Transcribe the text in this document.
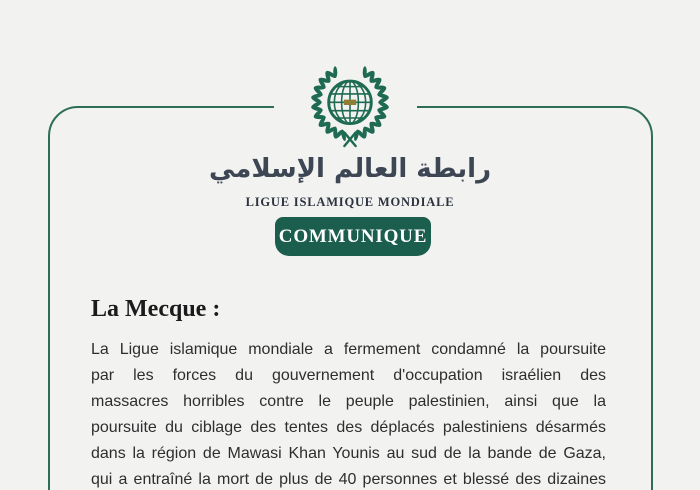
رابطة العالم الإسلامي
LIGUE ISLAMIQUE MONDIALE
COMMUNIQUE
La Mecque :
La Ligue islamique mondiale a fermement condamné la poursuite
par les forces du gouvernement d'occupation israélien des
massacres horribles contre le peuple palestinien, ainsi que la
poursuite du ciblage des tentes des déplacés palestiniens désarmés
dans la région de Mawasi Khan Younis au sud de la bande de Gaza,
qui a entraîné la mort de plus de 40 personnes et blessé des dizaines
